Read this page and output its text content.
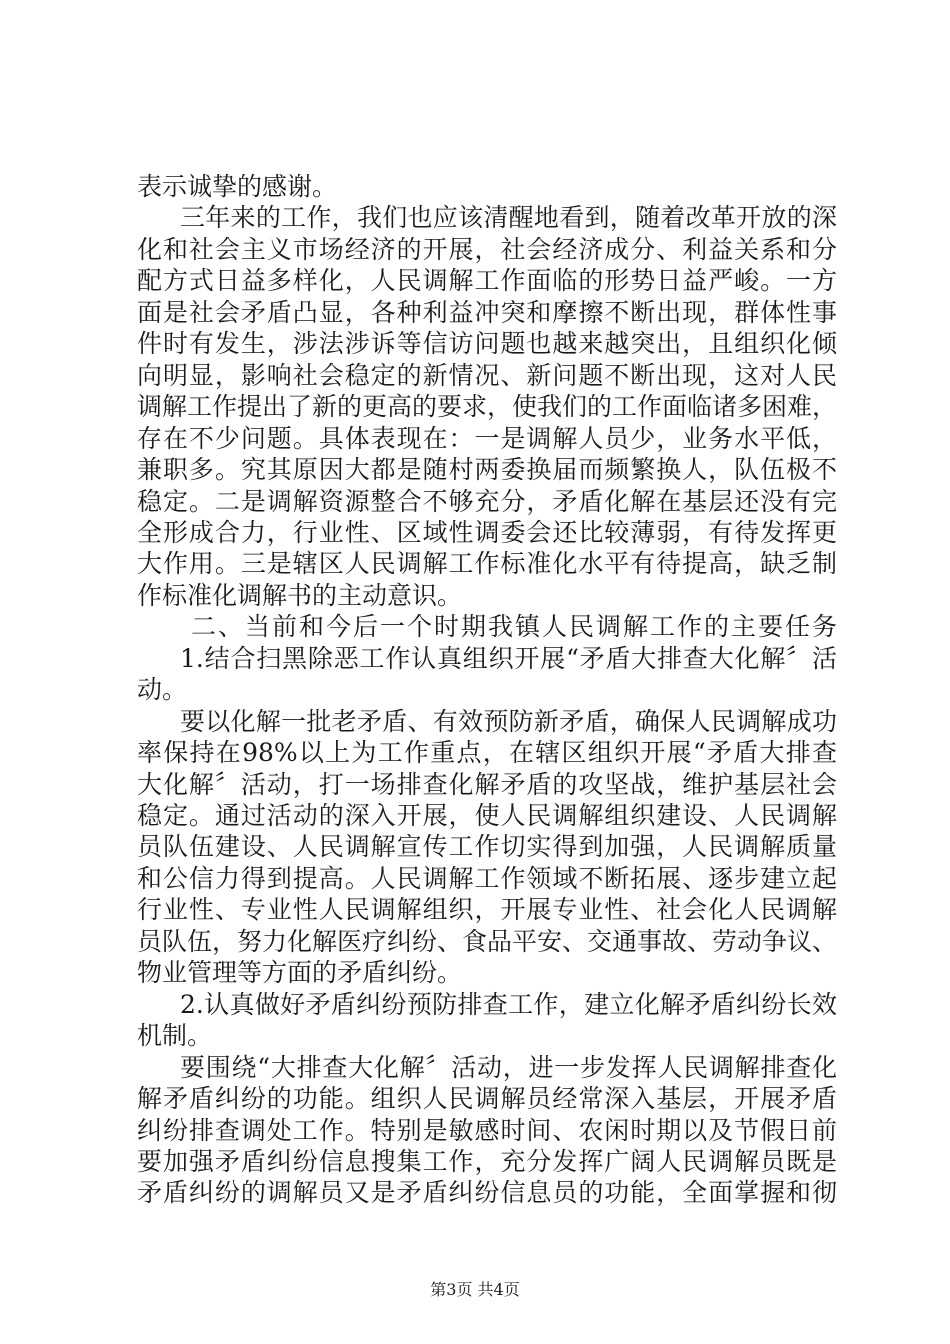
表示诚挚的感谢。
三年来的工作，我们也应该清醒地看到，随着改革开放的深
化和社会主义市场经济的开展，社会经济成分、利益关系和分
配方式日益多样化，人民调解工作面临的形势日益严峻。一方
面是社会矛盾凸显，各种利益冲突和摩擦不断出现，群体性事
件时有发生，涉法涉诉等信访问题也越来越突出，且组织化倾
向明显，影响社会稳定的新情况、新问题不断出现，这对人民
调解工作提出了新的更高的要求，使我们的工作面临诸多困难，
存在不少问题。具体表现在：一是调解人员少，业务水平低，
兼职多。究其原因大都是随村两委换届而频繁换人，队伍极不
稳定。二是调解资源整合不够充分，矛盾化解在基层还没有完
全形成合力，行业性、区域性调委会还比较薄弱，有待发挥更
大作用。三是辖区人民调解工作标准化水平有待提高，缺乏制
作标准化调解书的主动意识。
二、当前和今后一个时期我镇人民调解工作的主要任务
1.结合扫黑除恶工作认真组织开展“矛盾大排查大化解〞活
动。
要以化解一批老矛盾、有效预防新矛盾，确保人民调解成功
率保持在98%以上为工作重点，在辖区组织开展“矛盾大排查
大化解〞活动，打一场排查化解矛盾的攻坚战，维护基层社会
稳定。通过活动的深入开展，使人民调解组织建设、人民调解
员队伍建设、人民调解宣传工作切实得到加强，人民调解质量
和公信力得到提高。人民调解工作领域不断拓展、逐步建立起
行业性、专业性人民调解组织，开展专业性、社会化人民调解
员队伍，努力化解医疗纠纷、食品平安、交通事故、劳动争议、
物业管理等方面的矛盾纠纷。
2.认真做好矛盾纠纷预防排查工作，建立化解矛盾纠纷长效
机制。
要围绕“大排查大化解〞活动，进一步发挥人民调解排查化
解矛盾纠纷的功能。组织人民调解员经常深入基层，开展矛盾
纠纷排查调处工作。特别是敏感时间、农闲时期以及节假日前
要加强矛盾纠纷信息搜集工作，充分发挥广阔人民调解员既是
矛盾纠纷的调解员又是矛盾纠纷信息员的功能，全面掌握和彻
第3页 共4页
